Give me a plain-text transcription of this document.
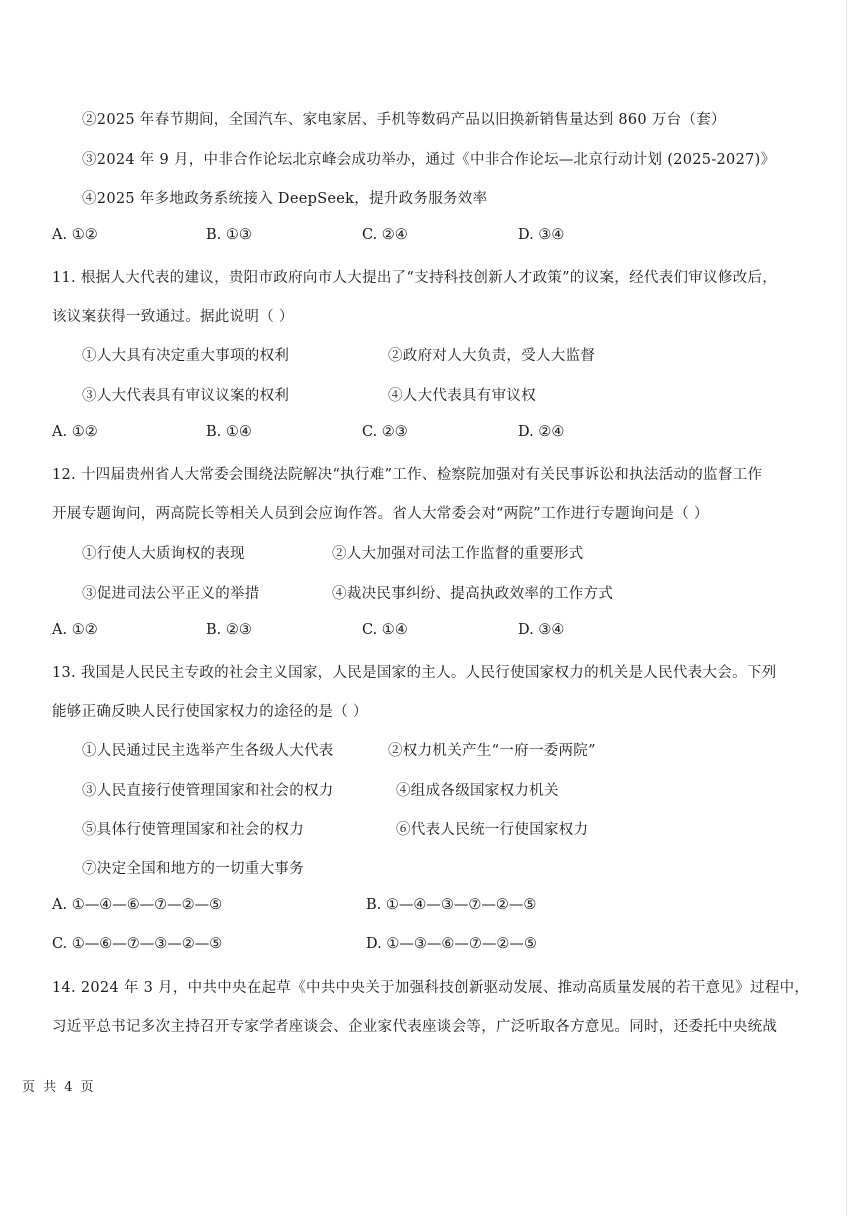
②2025 年春节期间，全国汽车、家电家居、手机等数码产品以旧换新销售量达到 860 万台（套）
③2024 年 9 月，中非合作论坛北京峰会成功举办，通过《中非合作论坛—北京行动计划 (2025-2027)》
④2025 年多地政务系统接入 DeepSeek，提升政务服务效率
A. ①②	B. ①③	C. ②④	D. ③④
11. 根据人大代表的建议，贵阳市政府向市人大提出了“支持科技创新人才政策”的议案，经代表们审议修改后，
该议案获得一致通过。据此说明（ ）
①人大具有决定重大事项的权利	②政府对人大负责，受人大监督
③人大代表具有审议议案的权利	④人大代表具有审议权
A. ①②	B. ①④	C. ②③	D. ②④
12. 十四届贵州省人大常委会围绕法院解决“执行难”工作、检察院加强对有关民事诉讼和执法活动的监督工作
开展专题询问，两高院长等相关人员到会应询作答。省人大常委会对“两院”工作进行专题询问是（ ）
①行使人大质询权的表现	②人大加强对司法工作监督的重要形式
③促进司法公平正义的举措	④裁决民事纠纷、提高执政效率的工作方式
A. ①②	B. ②③	C. ①④	D. ③④
13. 我国是人民民主专政的社会主义国家，人民是国家的主人。人民行使国家权力的机关是人民代表大会。下列
能够正确反映人民行使国家权力的途径的是（ ）
①人民通过民主选举产生各级人大代表	②权力机关产生“一府一委两院”
③人民直接行使管理国家和社会的权力	④组成各级国家权力机关
⑤具体行使管理国家和社会的权力	⑥代表人民统一行使国家权力
⑦决定全国和地方的一切重大事务
A. ①—④—⑥—⑦—②—⑤	B. ①—④—③—⑦—②—⑤
C. ①—⑥—⑦—③—②—⑤	D. ①—③—⑥—⑦—②—⑤
14. 2024 年 3 月，中共中央在起草《中共中央关于加强科技创新驱动发展、推动高质量发展的若干意见》过程中，
习近平总书记多次主持召开专家学者座谈会、企业家代表座谈会等，广泛听取各方意见。同时，还委托中央统战
页 共 4 页
